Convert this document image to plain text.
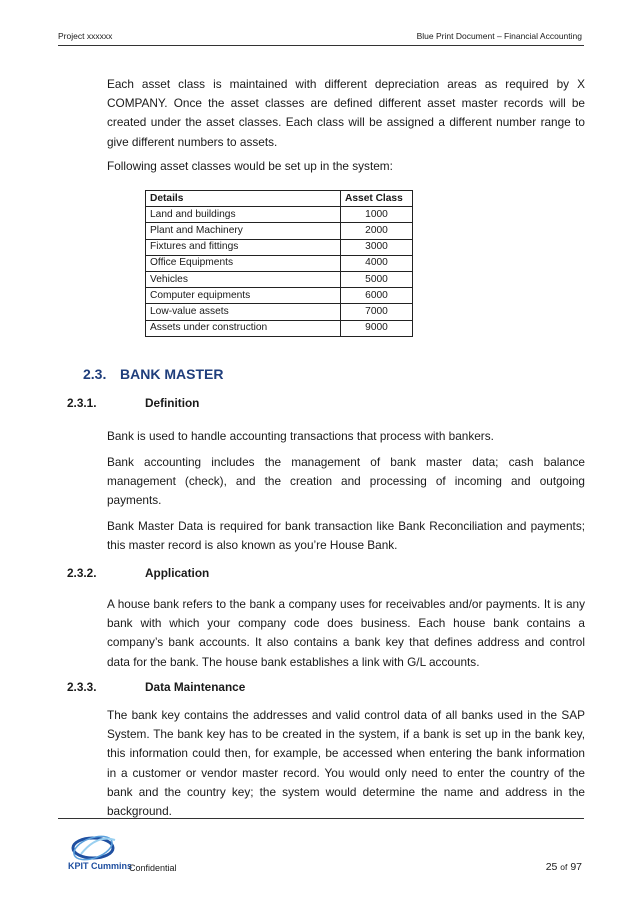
Project xxxxxx	Blue Print Document – Financial Accounting

Each asset class is maintained with different depreciation areas as required by X COMPANY. Once the asset classes are defined different asset master records will be created under the asset classes. Each class will be assigned a different number range to give different numbers to assets.

Following asset classes would be set up in the system:

Details	Asset Class
Land and buildings	1000
Plant and Machinery	2000
Fixtures and fittings	3000
Office Equipments	4000
Vehicles	5000
Computer equipments	6000
Low-value assets	7000
Assets under construction	9000
2.3. BANK MASTER
2.3.1.	Definition

Bank is used to handle accounting transactions that process with bankers.

Bank accounting includes the management of bank master data; cash balance management (check), and the creation and processing of incoming and outgoing payments.

Bank Master Data is required for bank transaction like Bank Reconciliation and payments; this master record is also known as you’re House Bank.

2.3.2.	Application

A house bank refers to the bank a company uses for receivables and/or payments. It is any bank with which your company code does business. Each house bank contains a company’s bank accounts. It also contains a bank key that defines address and control data for the bank. The house bank establishes a link with G/L accounts.

2.3.3.	Data Maintenance

The bank key contains the addresses and valid control data of all banks used in the SAP System. The bank key has to be created in the system, if a bank is set up in the bank key, this information could then, for example, be accessed when entering the bank information in a customer or vendor master record. You would only need to enter the country of the bank and the country key; the system would determine the name and address in the background.

KPIT Cummins
Confidential	25 of 97
